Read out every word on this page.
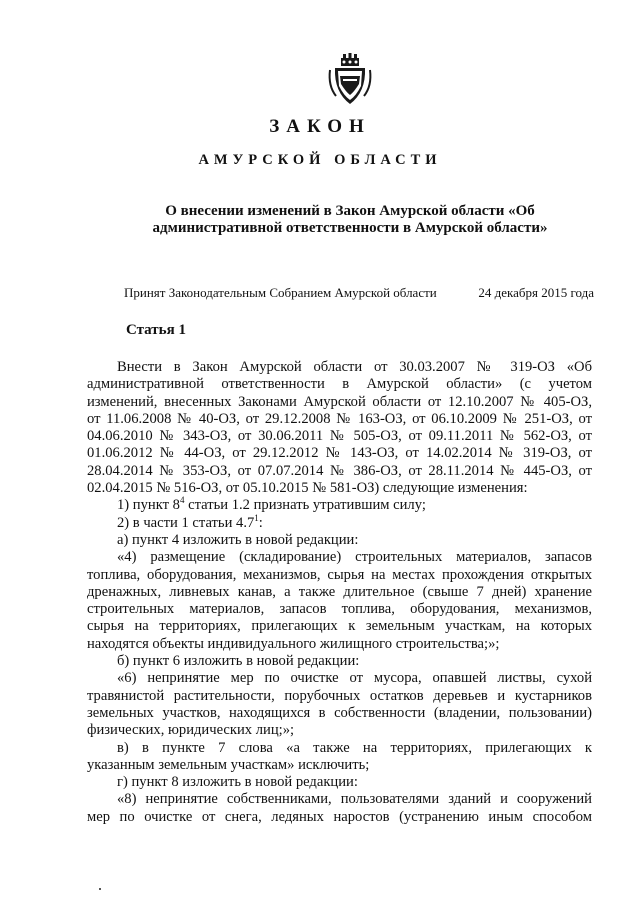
ЗАКОН
АМУРСКОЙ ОБЛАСТИ
О внесении изменений в Закон Амурской области «Об
административной ответственности в Амурской области»
Принят Законодательным Собранием Амурской области	24 декабря 2015 года
Статья 1

Внести в Закон Амурской области от 30.03.2007 № 319-ОЗ «Об

административной ответственности в Амурской области» (с учетом

изменений, внесенных Законами Амурской области от 12.10.2007 № 405-ОЗ,

от 11.06.2008 № 40-ОЗ, от 29.12.2008 № 163-ОЗ, от 06.10.2009 № 251-ОЗ, от

04.06.2010 № 343-ОЗ, от 30.06.2011 № 505-ОЗ, от 09.11.2011 № 562-ОЗ, от

01.06.2012 № 44-ОЗ, от 29.12.2012 № 143-ОЗ, от 14.02.2014 № 319-ОЗ, от

28.04.2014 № 353-ОЗ, от 07.07.2014 № 386-ОЗ, от 28.11.2014 № 445-ОЗ, от

02.04.2015 № 516-ОЗ, от 05.10.2015 № 581-ОЗ) следующие изменения:

1) пункт $8^4$ статьи 1.2 признать утратившим силу;

2) в части 1 статьи $4.7^1$:

а) пункт 4 изложить в новой редакции:

«4) размещение (складирование) строительных материалов, запасов

топлива, оборудования, механизмов, сырья на местах прохождения открытых

дренажных, ливневых канав, а также длительное (свыше 7 дней) хранение

строительных материалов, запасов топлива, оборудования, механизмов,

сырья на территориях, прилегающих к земельным участкам, на которых

находятся объекты индивидуального жилищного строительства;»;

б) пункт 6 изложить в новой редакции:

«6) непринятие мер по очистке от мусора, опавшей листвы, сухой

травянистой растительности, порубочных остатков деревьев и кустарников

земельных участков, находящихся в собственности (владении, пользовании)

физических, юридических лиц;»;

в) в пункте 7 слова «а также на территориях, прилегающих к

указанным земельным участкам» исключить;

г) пункт 8 изложить в новой редакции:

«8) непринятие собственниками, пользователями зданий и сооружений

мер по очистке от снега, ледяных наростов (устранению иным способом
